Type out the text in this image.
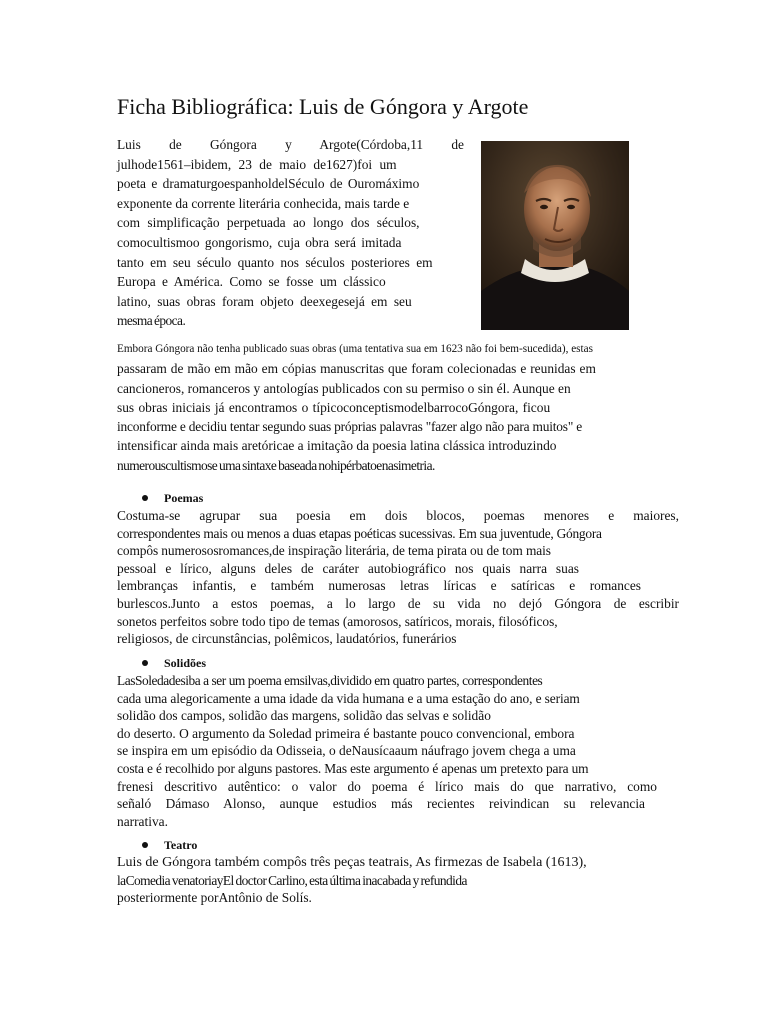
Ficha Bibliográfica: Luis de Góngora y Argote
Luis de Góngora y Argote(Córdoba,11 de
julhode1561–ibidem, 23 de maio de1627)foi um
poeta e dramaturgoespanholdelSéculo de Ouromáximo
exponente da corrente literária conhecida, mais tarde e
com simplificação perpetuada ao longo dos séculos,
comocultismoo gongorismo, cuja obra será imitada
tanto em seu século quanto nos séculos posteriores em
Europa e América. Como se fosse um clássico
latino, suas obras foram objeto deexegesejá em seu
mesma época.
Embora Góngora não tenha publicado suas obras (uma tentativa sua em 1623 não foi bem-sucedida), estas
passaram de mão em mão em cópias manuscritas que foram colecionadas e reunidas em
cancioneros, romanceros y antologías publicados con su permiso o sin él. Aunque en
sus obras iniciais já encontramos o típicoconceptismodelbarrocoGóngora, ficou
inconforme e decidiu tentar segundo suas próprias palavras "fazer algo não para muitos" e
intensificar ainda mais aretóricae a imitação da poesia latina clássica introduzindo
numerouscultismose uma sintaxe baseada nohipérbatoenasimetria.
Poemas
Costuma-se agrupar sua poesia em dois blocos, poemas menores e maiores,
correspondentes mais ou menos a duas etapas poéticas sucessivas. Em sua juventude, Góngora
compôs numerososromances,de inspiração literária, de tema pirata ou de tom mais
pessoal e lírico, alguns deles de caráter autobiográfico nos quais narra suas
lembranças infantis, e também numerosas letras líricas e satíricas e romances
burlescos.Junto a estos poemas, a lo largo de su vida no dejó Góngora de escribir
sonetos perfeitos sobre todo tipo de temas (amorosos, satíricos, morais, filosóficos,
religiosos, de circunstâncias, polêmicos, laudatórios, funerários
Solidões
LasSoledadesiba a ser um poema emsilvas,dividido em quatro partes, correspondentes
cada uma alegoricamente a uma idade da vida humana e a uma estação do ano, e seriam
solidão dos campos, solidão das margens, solidão das selvas e solidão
do deserto. O argumento da Soledad primeira é bastante pouco convencional, embora
se inspira em um episódio da Odisseia, o deNausícaaum náufrago jovem chega a uma
costa e é recolhido por alguns pastores. Mas este argumento é apenas um pretexto para um
frenesi descritivo autêntico: o valor do poema é lírico mais do que narrativo, como
señaló Dámaso Alonso, aunque estudios más recientes reivindican su relevancia
narrativa.
Teatro
Luis de Góngora também compôs três peças teatrais, As firmezas de Isabela (1613),
laComedia venatoriayEl doctor Carlino, esta última inacabada y refundida
posteriormente porAntônio de Solís.
